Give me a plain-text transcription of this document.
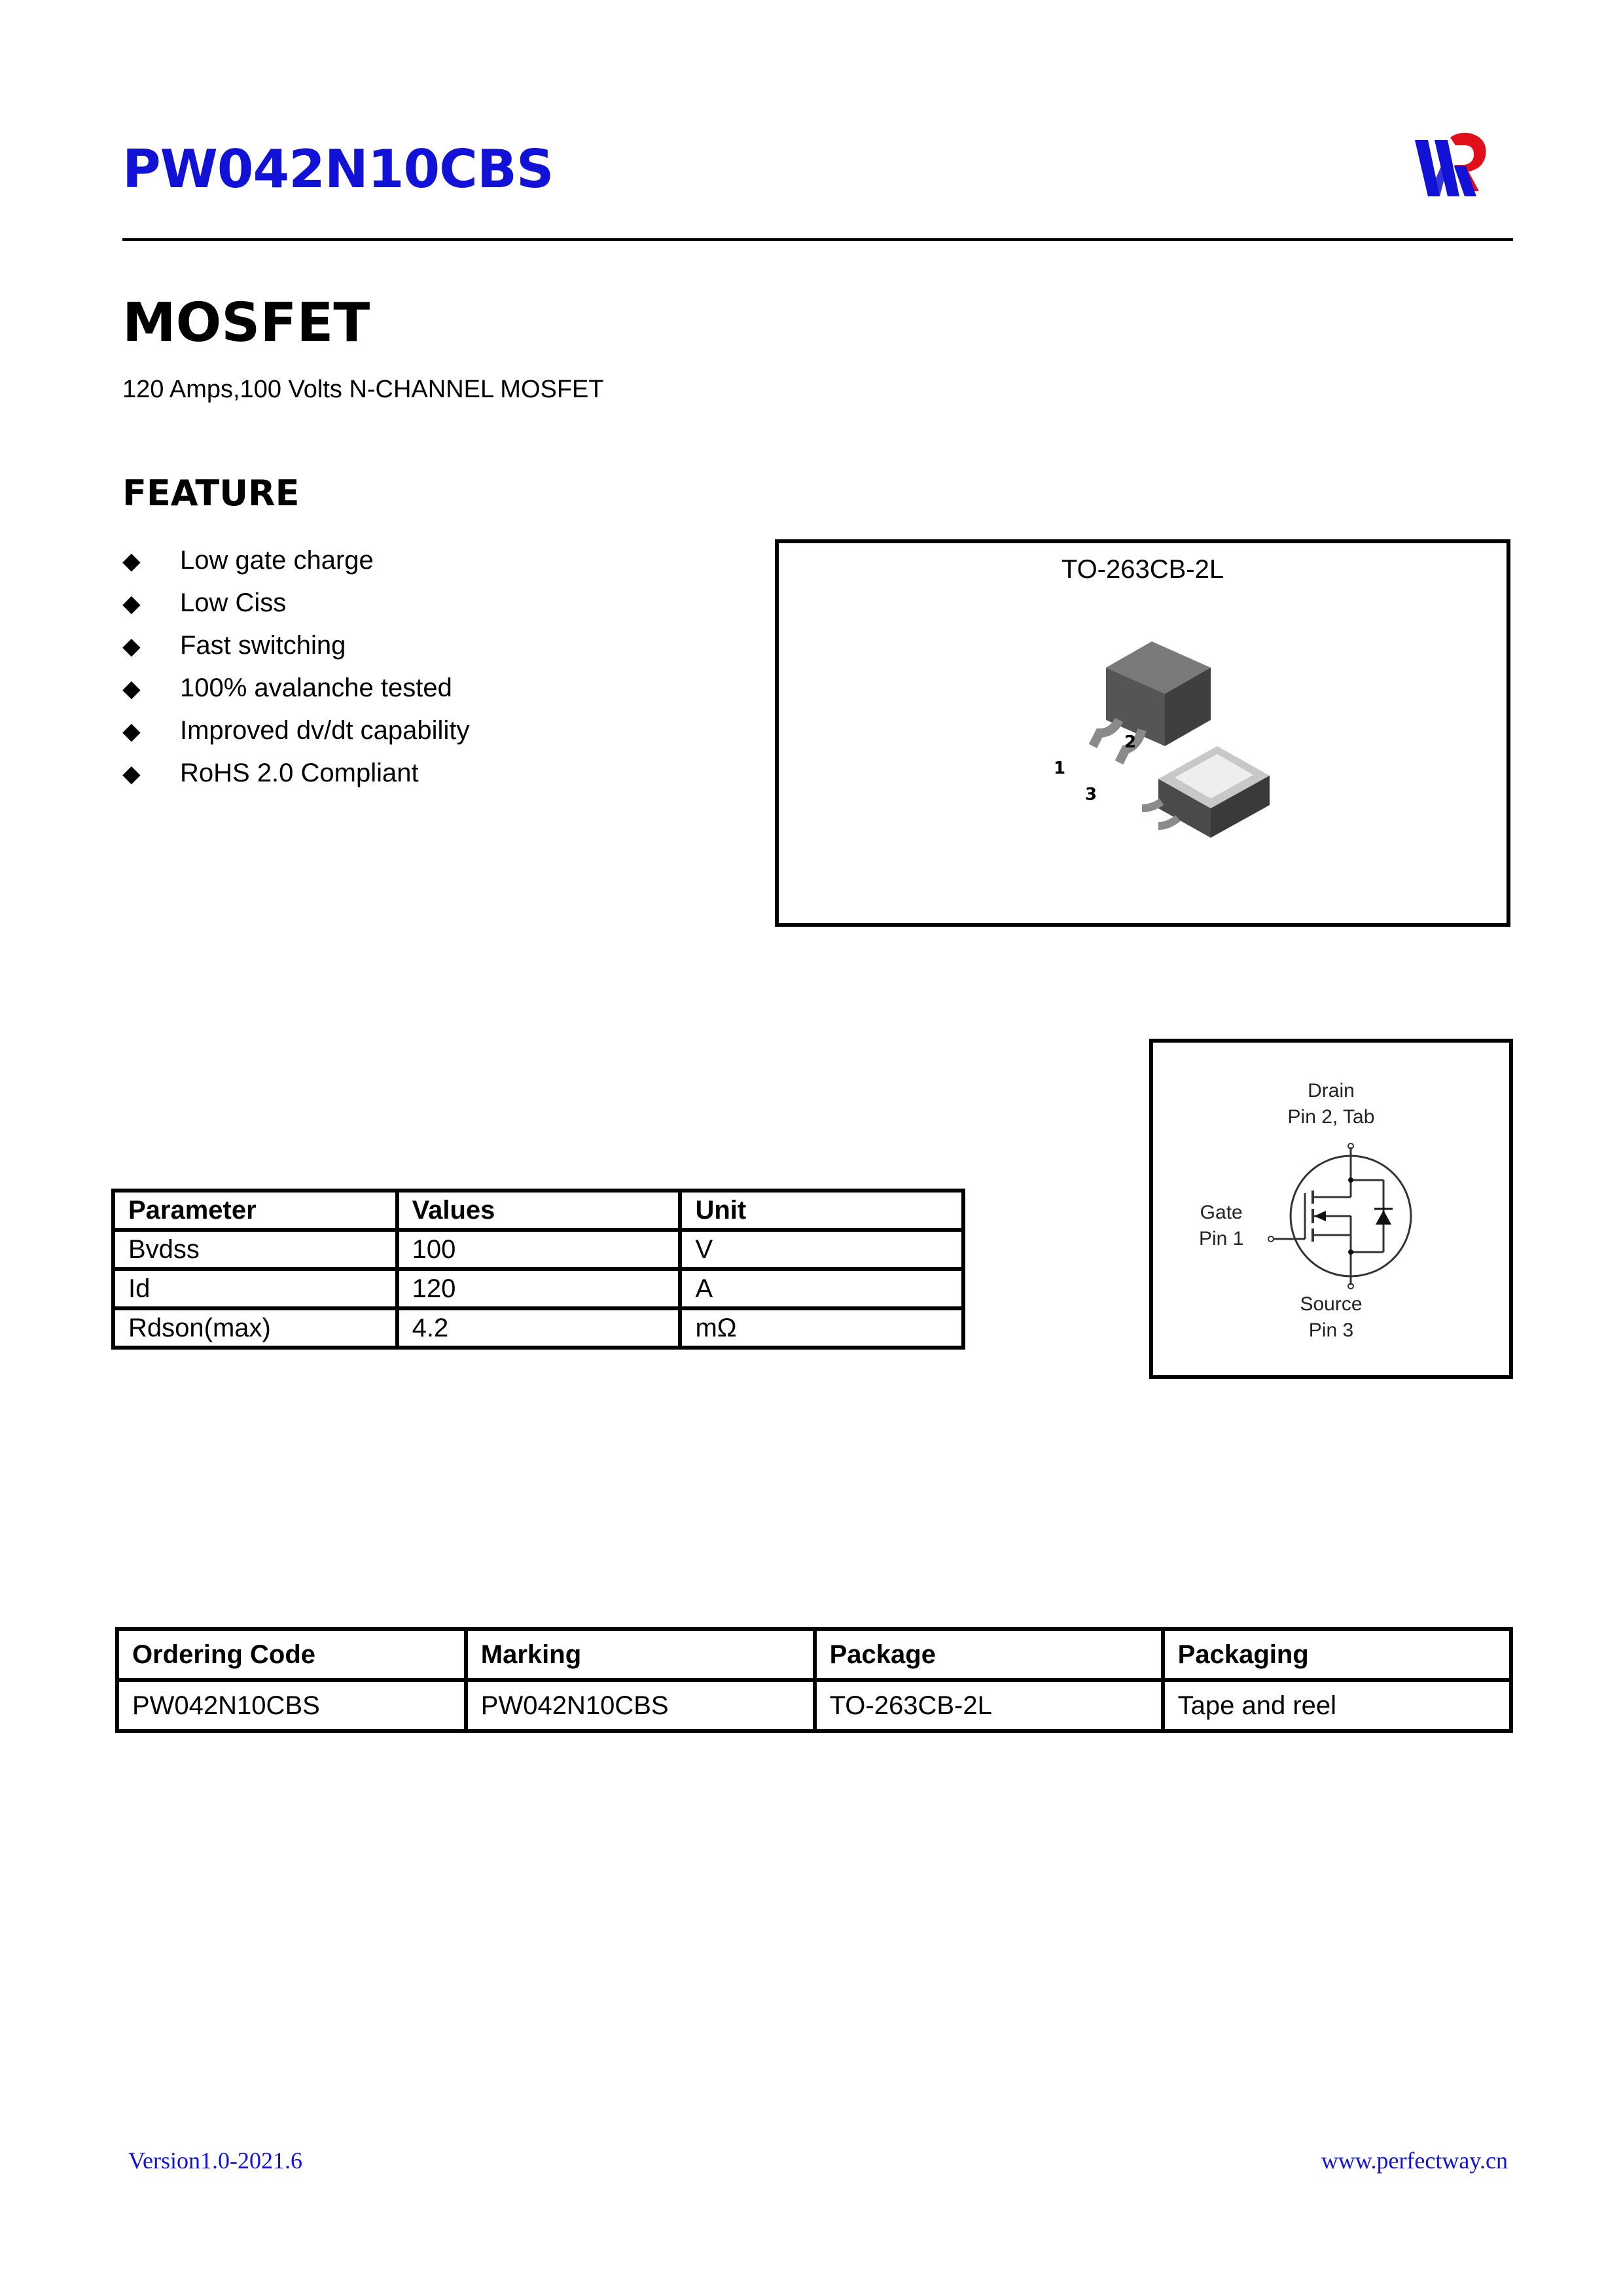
PW042N10CBS
MOSFET
120 Amps,100 Volts N-CHANNEL MOSFET
FEATURE
◆	Low gate charge
◆	Low Ciss
◆	Fast switching
◆	100% avalanche tested
◆	Improved dv/dt capability
◆	RoHS 2.0 Compliant
TO-263CB-2L
1
2
3
Drain
Pin 2, Tab
Gate
Pin 1
Source
Pin 3
Parameter	Values	Unit
Bvdss	100	V
Id	120	A
Rdson(max)	4.2	mΩ
Ordering Code	Marking	Package	Packaging
PW042N10CBS	PW042N10CBS	TO-263CB-2L	Tape and reel
Version1.0-2021.6	www.perfectway.cn
